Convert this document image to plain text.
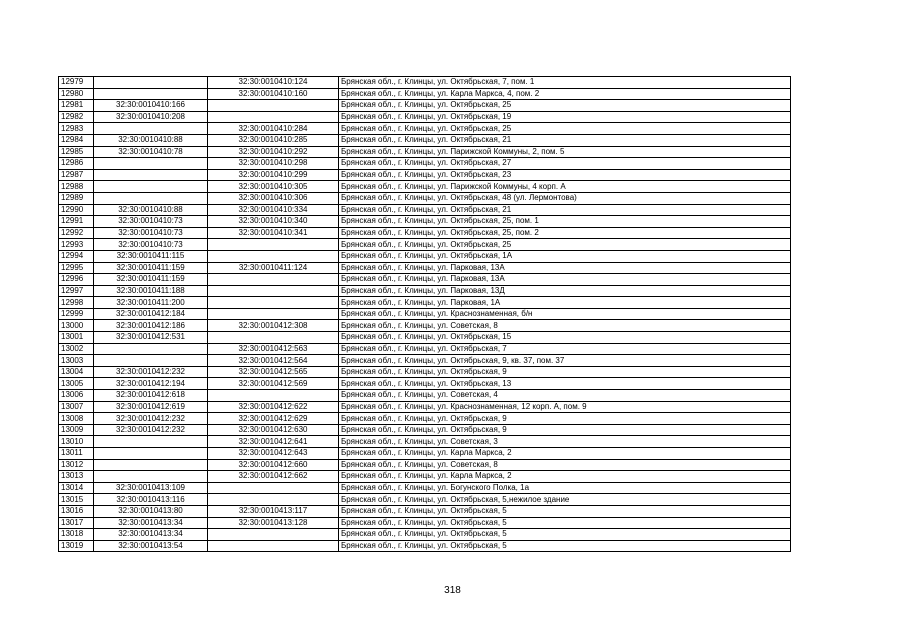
12979		32:30:0010410:124	Брянская обл., г. Клинцы, ул. Октябрьская, 7, пом. 1
12980		32:30:0010410:160	Брянская обл., г. Клинцы, ул. Карла Маркса, 4, пом. 2
12981	32:30:0010410:166		Брянская обл., г. Клинцы, ул. Октябрьская, 25
12982	32:30:0010410:208		Брянская обл., г. Клинцы, ул. Октябрьская, 19
12983		32:30:0010410:284	Брянская обл., г. Клинцы, ул. Октябрьская, 25
12984	32:30:0010410:88	32:30:0010410:285	Брянская обл., г. Клинцы, ул. Октябрьская, 21
12985	32:30:0010410:78	32:30:0010410:292	Брянская обл., г. Клинцы, ул. Парижской Коммуны, 2, пом. 5
12986		32:30:0010410:298	Брянская обл., г. Клинцы, ул. Октябрьская, 27
12987		32:30:0010410:299	Брянская обл., г. Клинцы, ул. Октябрьская, 23
12988		32:30:0010410:305	Брянская обл., г. Клинцы, ул. Парижской Коммуны, 4 корп. А
12989		32:30:0010410:306	Брянская обл., г. Клинцы, ул. Октябрьская, 48 (ул. Лермонтова)
12990	32:30:0010410:88	32:30:0010410:334	Брянская обл., г. Клинцы, ул. Октябрьская, 21
12991	32:30:0010410:73	32:30:0010410:340	Брянская обл., г. Клинцы, ул. Октябрьская, 25, пом. 1
12992	32:30:0010410:73	32:30:0010410:341	Брянская обл., г. Клинцы, ул. Октябрьская, 25, пом. 2
12993	32:30:0010410:73		Брянская обл., г. Клинцы, ул. Октябрьская, 25
12994	32:30:0010411:115		Брянская обл., г. Клинцы, ул. Октябрьская, 1А
12995	32:30:0010411:159	32:30:0010411:124	Брянская обл., г. Клинцы, ул. Парковая, 13А
12996	32:30:0010411:159		Брянская обл., г. Клинцы, ул. Парковая, 13А
12997	32:30:0010411:188		Брянская обл., г. Клинцы, ул. Парковая, 13Д
12998	32:30:0010411:200		Брянская обл., г. Клинцы, ул. Парковая, 1А
12999	32:30:0010412:184		Брянская обл., г. Клинцы, ул. Краснознаменная, б/н
13000	32:30:0010412:186	32:30:0010412:308	Брянская обл., г. Клинцы, ул. Советская, 8
13001	32:30:0010412:531		Брянская обл., г. Клинцы, ул. Октябрьская, 15
13002		32:30:0010412:563	Брянская обл., г. Клинцы, ул. Октябрьская, 7
13003		32:30:0010412:564	Брянская обл., г. Клинцы, ул. Октябрьская, 9, кв. 37, пом. 37
13004	32:30:0010412:232	32:30:0010412:565	Брянская обл., г. Клинцы, ул. Октябрьская, 9
13005	32:30:0010412:194	32:30:0010412:569	Брянская обл., г. Клинцы, ул. Октябрьская, 13
13006	32:30:0010412:618		Брянская обл., г. Клинцы, ул. Советская, 4
13007	32:30:0010412:619	32:30:0010412:622	Брянская обл., г. Клинцы, ул. Краснознаменная, 12 корп. А, пом. 9
13008	32:30:0010412:232	32:30:0010412:629	Брянская обл., г. Клинцы, ул. Октябрьская, 9
13009	32:30:0010412:232	32:30:0010412:630	Брянская обл., г. Клинцы, ул. Октябрьская, 9
13010		32:30:0010412:641	Брянская обл., г. Клинцы, ул. Советская, 3
13011		32:30:0010412:643	Брянская обл., г. Клинцы, ул. Карла Маркса, 2
13012		32:30:0010412:660	Брянская обл., г. Клинцы, ул. Советская, 8
13013		32:30:0010412:662	Брянская обл., г. Клинцы, ул. Карла Маркса, 2
13014	32:30:0010413:109		Брянская обл., г. Клинцы, ул. Богунского Полка, 1а
13015	32:30:0010413:116		Брянская обл., г. Клинцы, ул. Октябрьская, 5,нежилое здание
13016	32:30:0010413:80	32:30:0010413:117	Брянская обл., г. Клинцы, ул. Октябрьская, 5
13017	32:30:0010413:34	32:30:0010413:128	Брянская обл., г. Клинцы, ул. Октябрьская, 5
13018	32:30:0010413:34		Брянская обл., г. Клинцы, ул. Октябрьская, 5
13019	32:30:0010413:54		Брянская обл., г. Клинцы, ул. Октябрьская, 5
318
